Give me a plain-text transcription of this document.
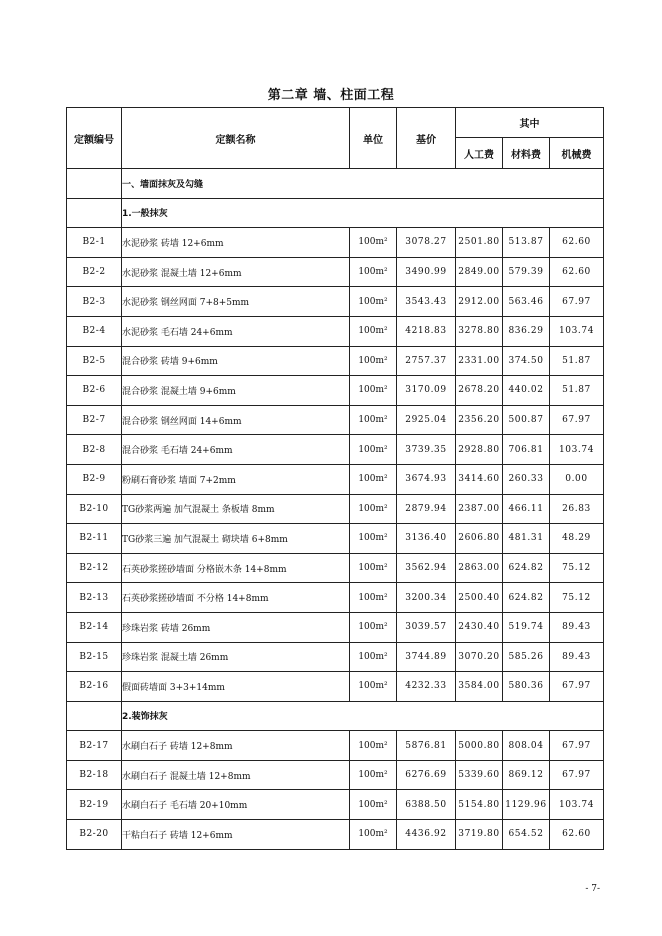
第二章 墙、柱面工程
定额编号	定额名称	单位	基价	其中		
				人工费	材料费	机械费
	一、墙面抹灰及勾缝					
	1.一般抹灰					
B2-1	水泥砂浆 砖墙 12+6mm	100m²	3078.27	2501.80	513.87	62.60
B2-2	水泥砂浆 混凝土墙 12+6mm	100m²	3490.99	2849.00	579.39	62.60
B2-3	水泥砂浆 钢丝网面 7+8+5mm	100m²	3543.43	2912.00	563.46	67.97
B2-4	水泥砂浆 毛石墙 24+6mm	100m²	4218.83	3278.80	836.29	103.74
B2-5	混合砂浆 砖墙 9+6mm	100m²	2757.37	2331.00	374.50	51.87
B2-6	混合砂浆 混凝土墙 9+6mm	100m²	3170.09	2678.20	440.02	51.87
B2-7	混合砂浆 钢丝网面 14+6mm	100m²	2925.04	2356.20	500.87	67.97
B2-8	混合砂浆 毛石墙 24+6mm	100m²	3739.35	2928.80	706.81	103.74
B2-9	粉刷石膏砂浆 墙面 7+2mm	100m²	3674.93	3414.60	260.33	0.00
B2-10	TG砂浆两遍 加气混凝土 条板墙 8mm	100m²	2879.94	2387.00	466.11	26.83
B2-11	TG砂浆三遍 加气混凝土 砌块墙 6+8mm	100m²	3136.40	2606.80	481.31	48.29
B2-12	石英砂浆搓砂墙面 分格嵌木条 14+8mm	100m²	3562.94	2863.00	624.82	75.12
B2-13	石英砂浆搓砂墙面 不分格 14+8mm	100m²	3200.34	2500.40	624.82	75.12
B2-14	珍珠岩浆 砖墙 26mm	100m²	3039.57	2430.40	519.74	89.43
B2-15	珍珠岩浆 混凝土墙 26mm	100m²	3744.89	3070.20	585.26	89.43
B2-16	假面砖墙面 3+3+14mm	100m²	4232.33	3584.00	580.36	67.97
	2.装饰抹灰					
B2-17	水刷白石子 砖墙 12+8mm	100m²	5876.81	5000.80	808.04	67.97
B2-18	水刷白石子 混凝土墙 12+8mm	100m²	6276.69	5339.60	869.12	67.97
B2-19	水刷白石子 毛石墙 20+10mm	100m²	6388.50	5154.80	1129.96	103.74
B2-20	干粘白石子 砖墙 12+6mm	100m²	4436.92	3719.80	654.52	62.60
- 7-
